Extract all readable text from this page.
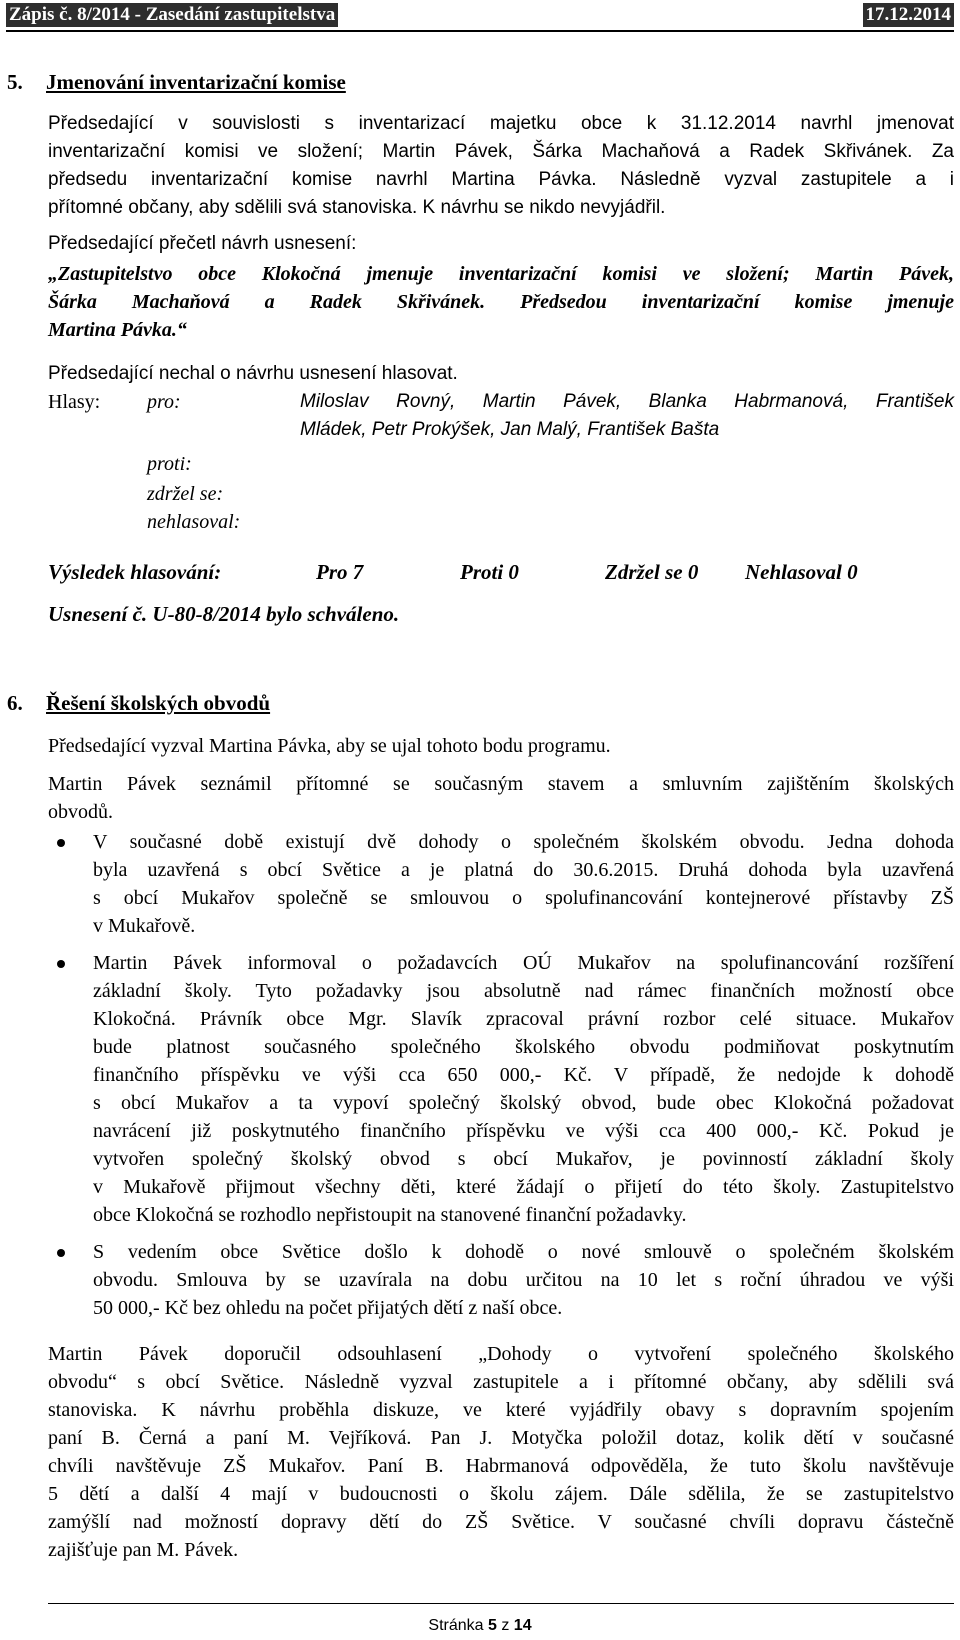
Zápis č. 8/2014 - Zasedání zastupitelstva	17.12.2014
5. Jmenování inventarizační komise
Předsedající v souvislosti s inventarizací majetku obce k 31.12.2014 navrhl jmenovat
inventarizační komisi ve složení; Martin Pávek, Šárka Machaňová a Radek Skřivánek. Za
předsedu inventarizační komise navrhl Martina Pávka. Následně vyzval zastupitele a i
přítomné občany, aby sdělili svá stanoviska. K návrhu se nikdo nevyjádřil.
Předsedající přečetl návrh usnesení:
„Zastupitelstvo obce Klokočná jmenuje inventarizační komisi ve složení; Martin Pávek,
Šárka Machaňová a Radek Skřivánek. Předsedou inventarizační komise jmenuje
Martina Pávka.“
Předsedající nechal o návrhu usnesení hlasovat.
Hlasy: pro:	Miloslav Rovný, Martin Pávek, Blanka Habrmanová, František
Mládek, Petr Prokýšek, Jan Malý, František Bašta
proti:
zdržel se:
nehlasoval:
Výsledek hlasování:	Pro 7	Proti 0	Zdržel se 0 Nehlasoval 0
Usnesení č. U-80-8/2014 bylo schváleno.
6. Řešení školských obvodů
Předsedající vyzval Martina Pávka, aby se ujal tohoto bodu programu.
Martin Pávek seznámil přítomné se současným stavem a smluvním zajištěním školských
obvodů.
V současné době existují dvě dohody o společném školském obvodu. Jedna dohoda
byla uzavřená s obcí Světice a je platná do 30.6.2015. Druhá dohoda byla uzavřená
s obcí Mukařov společně se smlouvou o spolufinancování kontejnerové přístavby ZŠ
v Mukařově.
Martin Pávek informoval o požadavcích OÚ Mukařov na spolufinancování rozšíření
základní školy. Tyto požadavky jsou absolutně nad rámec finančních možností obce
Klokočná. Právník obce Mgr. Slavík zpracoval právní rozbor celé situace. Mukařov
bude platnost současného společného školského obvodu podmiňovat poskytnutím
finančního příspěvku ve výši cca 650 000,- Kč. V případě, že nedojde k dohodě
s obcí Mukařov a ta vypoví společný školský obvod, bude obec Klokočná požadovat
navrácení již poskytnutého finančního příspěvku ve výši cca 400 000,- Kč. Pokud je
vytvořen společný školský obvod s obcí Mukařov, je povinností základní školy
v Mukařově přijmout všechny děti, které žádají o přijetí do této školy. Zastupitelstvo
obce Klokočná se rozhodlo nepřistoupit na stanovené finanční požadavky.
S vedením obce Světice došlo k dohodě o nové smlouvě o společném školském
obvodu. Smlouva by se uzavírala na dobu určitou na 10 let s roční úhradou ve výši
50 000,- Kč bez ohledu na počet přijatých dětí z naší obce.
Martin Pávek doporučil odsouhlasení „Dohody o vytvoření společného školského
obvodu“ s obcí Světice. Následně vyzval zastupitele a i přítomné občany, aby sdělili svá
stanoviska. K návrhu proběhla diskuze, ve které vyjádřily obavy s dopravním spojením
paní B. Černá a paní M. Vejříková. Pan J. Motyčka položil dotaz, kolik dětí v současné
chvíli navštěvuje ZŠ Mukařov. Paní B. Habrmanová odpověděla, že tuto školu navštěvuje
5 dětí a další 4 mají v budoucnosti o školu zájem. Dále sdělila, že se zastupitelstvo
zamýšlí nad možností dopravy dětí do ZŠ Světice. V současné chvíli dopravu částečně
zajišťuje pan M. Pávek.
Stránka 5 z 14
